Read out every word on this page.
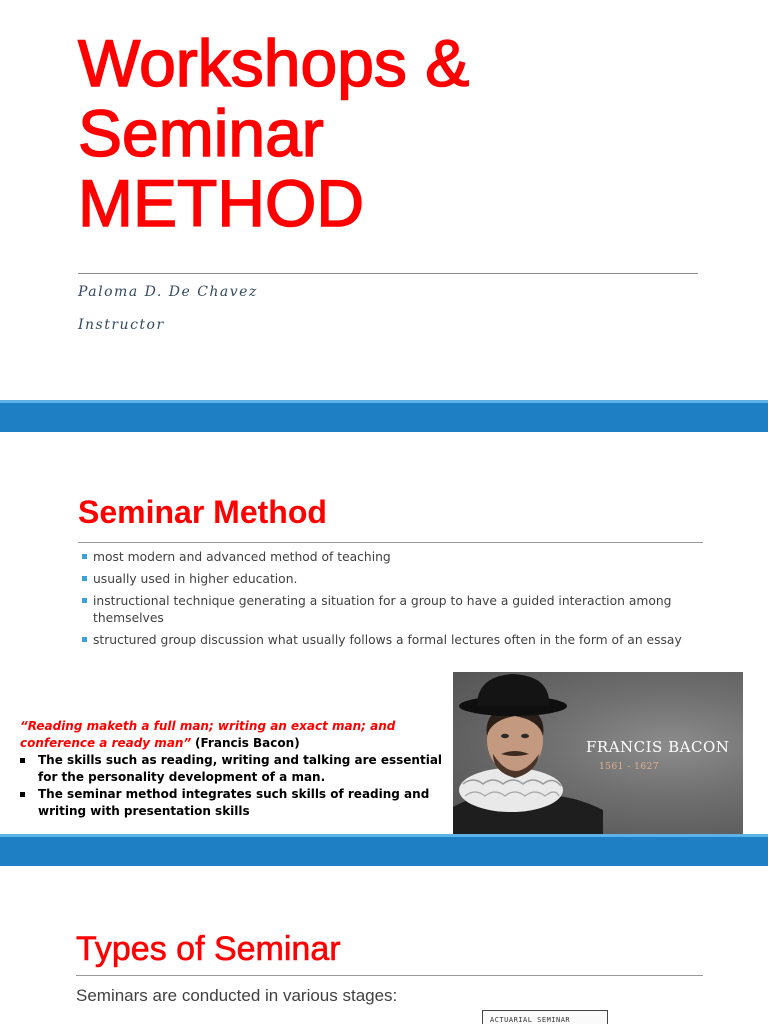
Workshops &
Seminar
METHOD
Paloma D. De Chavez
Instructor
Seminar Method
most modern and advanced method of teaching
usually used in higher education.
instructional technique generating a situation for a group to have a guided interaction among themselves
structured group discussion what usually follows a formal lectures often in the form of an essay
“Reading maketh a full man; writing an exact man; and conference a ready man” (Francis Bacon)
The skills such as reading, writing and talking are essential for the personality development of a man.
The seminar method integrates such skills of reading and writing with presentation skills
FRANCIS BACON
1561 - 1627
Types of Seminar
Seminars are conducted in various stages:
ACTUARIAL SEMINAR
